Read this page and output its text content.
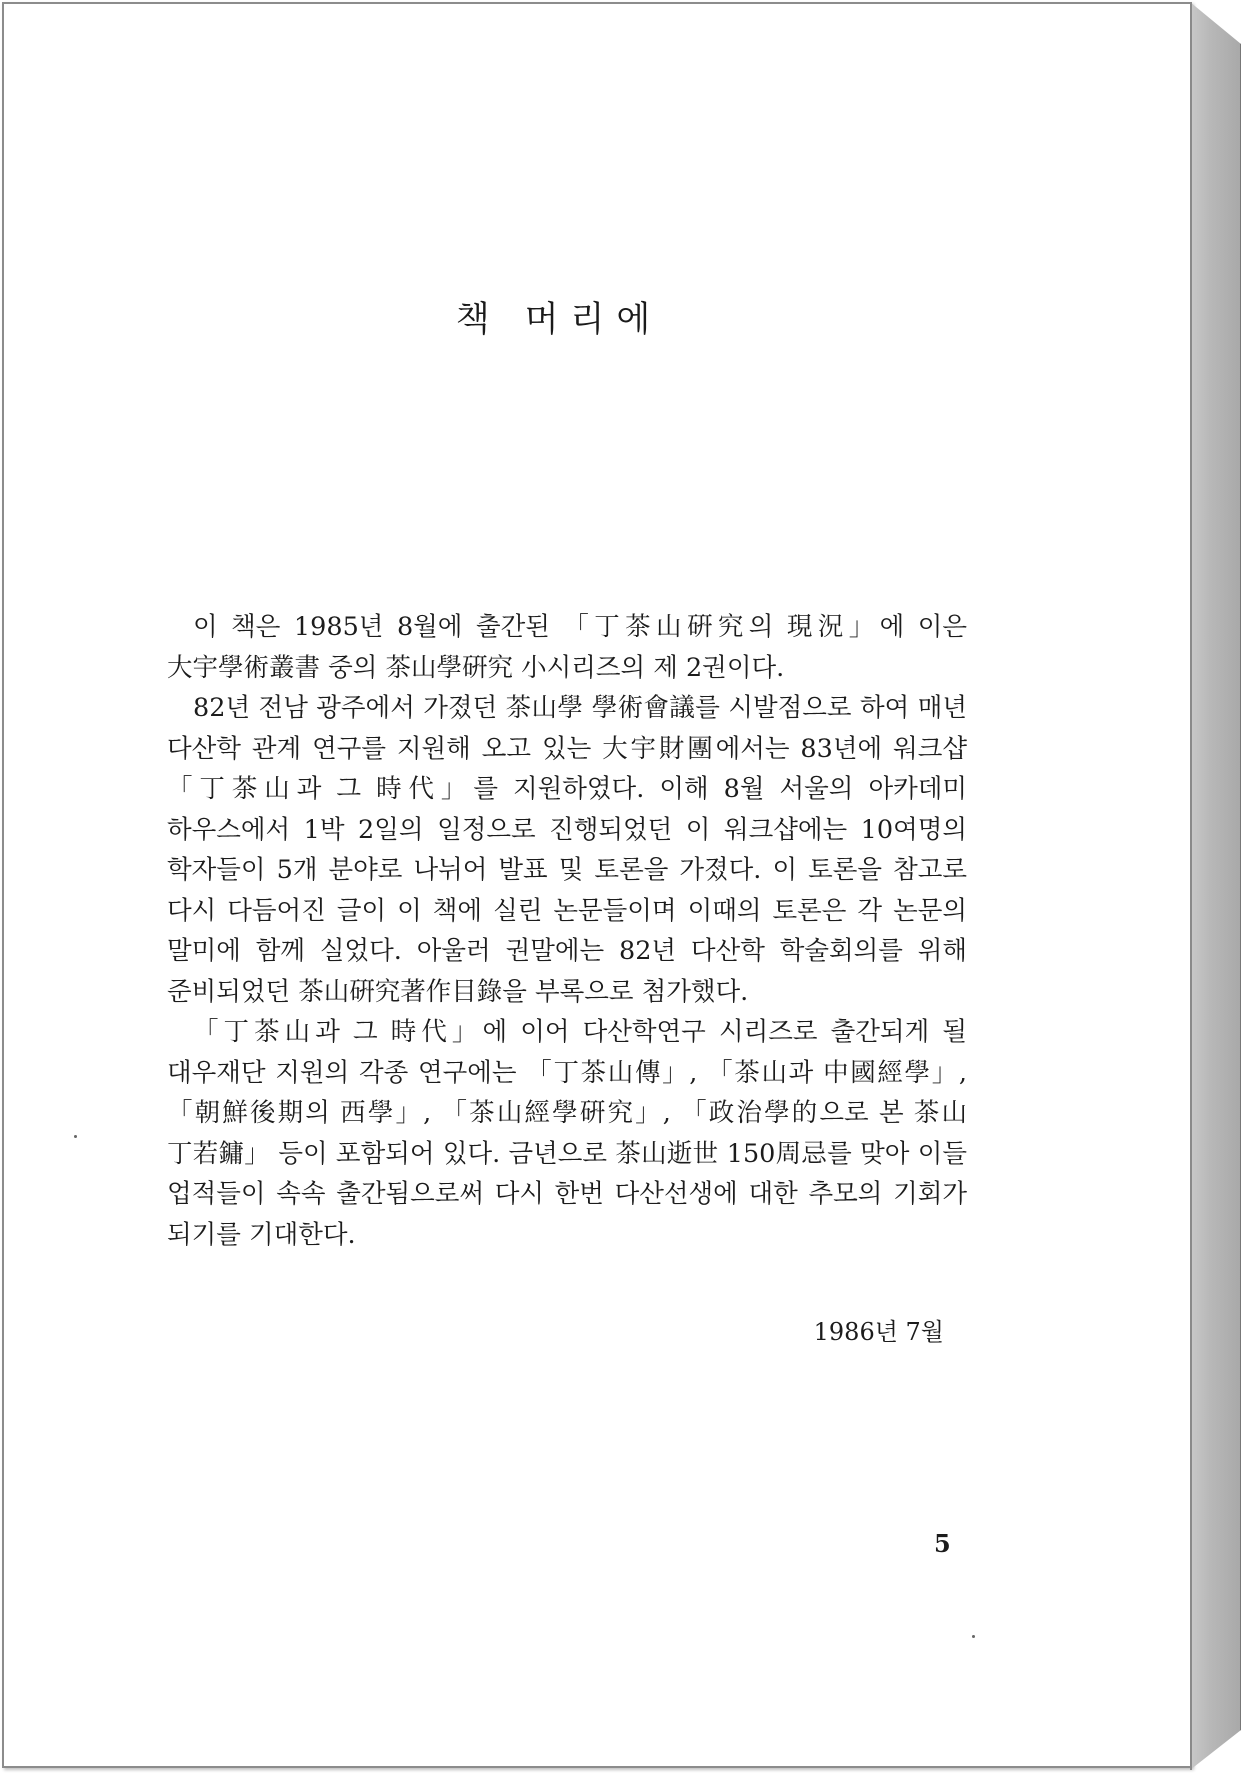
책 머리에

이 책은 1985년 8월에 출간된 「丁茶山硏究의 現況」에 이은 大宇學術叢書 중의 茶山學硏究 小시리즈의 제 2권이다.

82년 전남 광주에서 가졌던 茶山學 學術會議를 시발점으로 하여 매년 다산학 관계 연구를 지원해 오고 있는 大宇財團에서는 83년에 워크샵 「丁茶山과 그 時代」를 지원하였다. 이해 8월 서울의 아카데미 하우스에서 1박 2일의 일정으로 진행되었던 이 워크샵에는 10여명의 학자들이 5개 분야로 나뉘어 발표 및 토론을 가졌다. 이 토론을 참고로 다시 다듬어진 글이 이 책에 실린 논문들이며 이때의 토론은 각 논문의 말미에 함께 실었다. 아울러 권말에는 82년 다산학 학술회의를 위해 준비되었던 茶山硏究著作目錄을 부록으로 첨가했다.

「丁茶山과 그 時代」에 이어 다산학연구 시리즈로 출간되게 될 대우재단 지원의 각종 연구에는 「丁茶山傳」, 「茶山과 中國經學」, 「朝鮮後期의 西學」, 「茶山經學硏究」, 「政治學的으로 본 茶山 丁若鏞」 등이 포함되어 있다. 금년으로 茶山逝世 150周忌를 맞아 이들 업적들이 속속 출간됨으로써 다시 한번 다산선생에 대한 추모의 기회가 되기를 기대한다.

1986년 7월
5
